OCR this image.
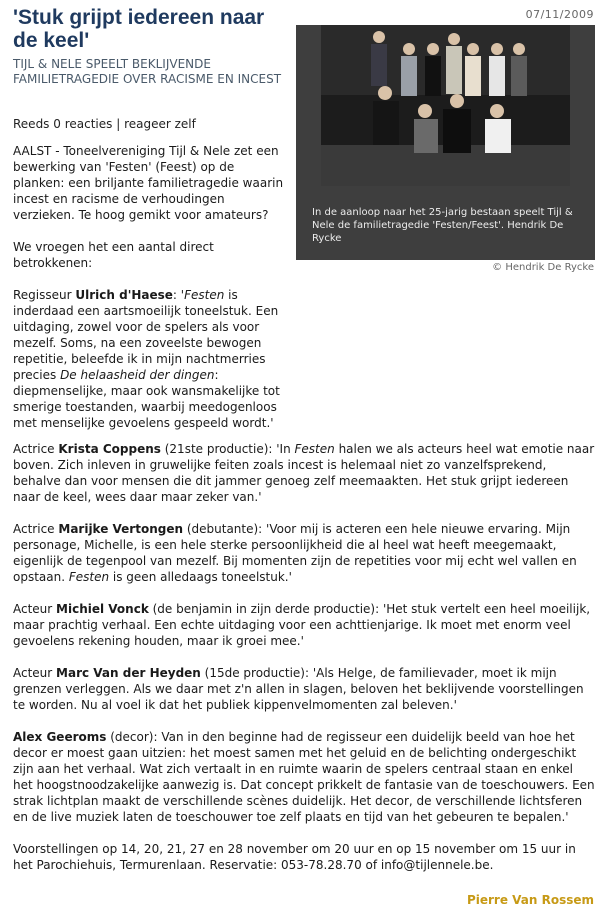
07/11/2009
'Stuk grijpt iedereen naar de keel'
TIJL & NELE SPEELT BEKLIJVENDE FAMILIETRAGEDIE OVER RACISME EN INCEST
Reeds 0 reacties | reageer zelf
In de aanloop naar het 25-jarig bestaan speelt Tijl & Nele de familietragedie 'Festen/Feest'. Hendrik De Rycke
© Hendrik De Rycke

AALST - Toneelvereniging Tijl & Nele zet een bewerking van 'Festen' (Feest) op de planken: een briljante familietragedie waarin incest en racisme de verhoudingen verzieken. Te hoog gemikt voor amateurs?

We vroegen het een aantal direct betrokkenen:

Regisseur Ulrich d'Haese: 'Festen is inderdaad een aartsmoeilijk toneelstuk. Een uitdaging, zowel voor de spelers als voor mezelf. Soms, na een zoveelste bewogen repetitie, beleefde ik in mijn nachtmerries precies De helaasheid der dingen: diepmenselijke, maar ook wansmakelijke tot smerige toestanden, waarbij meedogenloos met menselijke gevoelens gespeeld wordt.'

Actrice Krista Coppens (21ste productie): 'In Festen halen we als acteurs heel wat emotie naar boven. Zich inleven in gruwelijke feiten zoals incest is helemaal niet zo vanzelfsprekend, behalve dan voor mensen die dit jammer genoeg zelf meemaakten. Het stuk grijpt iedereen naar de keel, wees daar maar zeker van.'

Actrice Marijke Vertongen (debutante): 'Voor mij is acteren een hele nieuwe ervaring. Mijn personage, Michelle, is een hele sterke persoonlijkheid die al heel wat heeft meegemaakt, eigenlijk de tegenpool van mezelf. Bij momenten zijn de repetities voor mij echt wel vallen en opstaan. Festen is geen alledaags toneelstuk.'

Acteur Michiel Vonck (de benjamin in zijn derde productie): 'Het stuk vertelt een heel moeilijk, maar prachtig verhaal. Een echte uitdaging voor een achttienjarige. Ik moet met enorm veel gevoelens rekening houden, maar ik groei mee.'

Acteur Marc Van der Heyden (15de productie): 'Als Helge, de familievader, moet ik mijn grenzen verleggen. Als we daar met z'n allen in slagen, beloven het beklijvende voorstellingen te worden. Nu al voel ik dat het publiek kippenvelmomenten zal beleven.'

Alex Geeroms (decor): Van in den beginne had de regisseur een duidelijk beeld van hoe het decor er moest gaan uitzien: het moest samen met het geluid en de belichting ondergeschikt zijn aan het verhaal. Wat zich vertaalt in en ruimte waarin de spelers centraal staan en enkel het hoogstnoodzakelijke aanwezig is. Dat concept prikkelt de fantasie van de toeschouwers. Een strak lichtplan maakt de verschillende scènes duidelijk. Het decor, de verschillende lichtsferen en de live muziek laten de toeschouwer toe zelf plaats en tijd van het gebeuren te bepalen.'

Voorstellingen op 14, 20, 21, 27 en 28 november om 20 uur en op 15 november om 15 uur in het Parochiehuis, Termurenlaan. Reservatie: 053-78.28.70 of info@tijlennele.be.

Pierre Van Rossem
